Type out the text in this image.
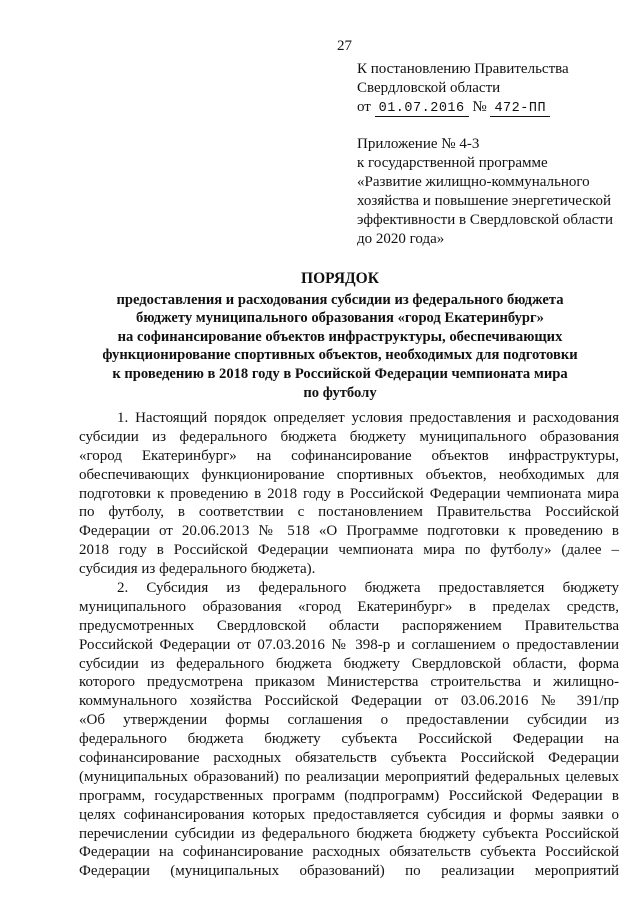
27
К постановлению Правительства
Свердловской области
от 01.07.2016 № 472-ПП
Приложение № 4-3
к государственной программе
«Развитие жилищно-коммунального
хозяйства и повышение энергетической
эффективности в Свердловской области
до 2020 года»
ПОРЯДОК
предоставления и расходования субсидии из федерального бюджета
бюджету муниципального образования «город Екатеринбург»
на софинансирование объектов инфраструктуры, обеспечивающих
функционирование спортивных объектов, необходимых для подготовки
к проведению в 2018 году в Российской Федерации чемпионата мира
по футболу
1. Настоящий порядок определяет условия предоставления и расходования
субсидии из федерального бюджета бюджету муниципального образования
«город Екатеринбург» на софинансирование объектов инфраструктуры,
обеспечивающих функционирование спортивных объектов, необходимых для
подготовки к проведению в 2018 году в Российской Федерации чемпионата мира
по футболу, в соответствии с постановлением Правительства Российской
Федерации от 20.06.2013 № 518 «О Программе подготовки к проведению в
2018 году в Российской Федерации чемпионата мира по футболу» (далее –
субсидия из федерального бюджета).
2. Субсидия из федерального бюджета предоставляется бюджету
муниципального образования «город Екатеринбург» в пределах средств,
предусмотренных Свердловской области распоряжением Правительства
Российской Федерации от 07.03.2016 № 398-р и соглашением о предоставлении
субсидии из федерального бюджета бюджету Свердловской области, форма
которого предусмотрена приказом Министерства строительства и жилищно-
коммунального хозяйства Российской Федерации от 03.06.2016 № 391/пр
«Об утверждении формы соглашения о предоставлении субсидии из
федерального бюджета бюджету субъекта Российской Федерации на
софинансирование расходных обязательств субъекта Российской Федерации
(муниципальных образований) по реализации мероприятий федеральных целевых
программ, государственных программ (подпрограмм) Российской Федерации в
целях софинансирования которых предоставляется субсидия и формы заявки о
перечислении субсидии из федерального бюджета бюджету субъекта Российской
Федерации на софинансирование расходных обязательств субъекта Российской
Федерации (муниципальных образований) по реализации мероприятий
